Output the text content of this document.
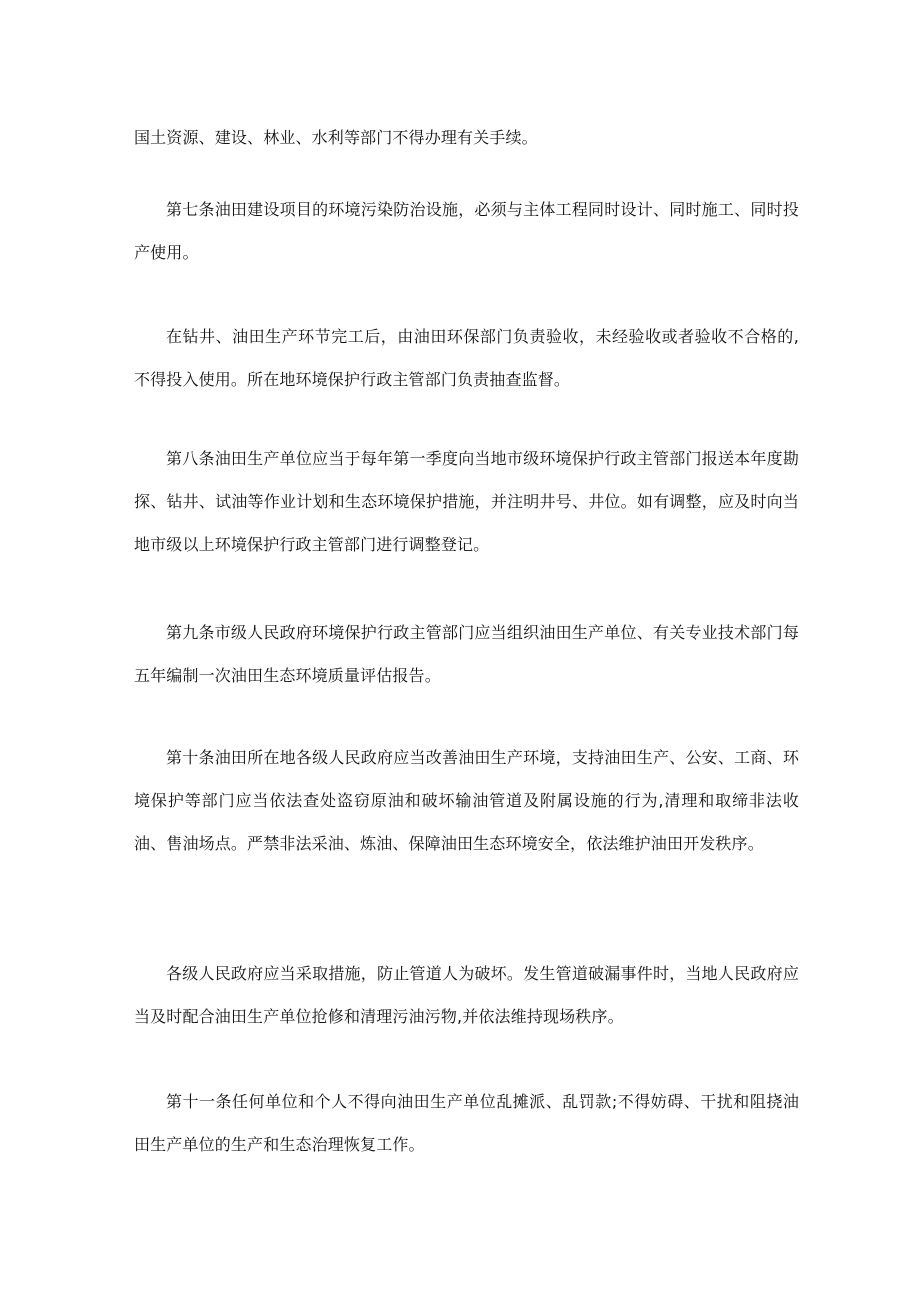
国土资源、建设、林业、水利等部门不得办理有关手续。

第七条油田建设项目的环境污染防治设施，必须与主体工程同时设计、同时施工、同时投产使用。

在钻井、油田生产环节完工后，由油田环保部门负责验收，未经验收或者验收不合格的,不得投入使用。所在地环境保护行政主管部门负责抽查监督。

第八条油田生产单位应当于每年第一季度向当地市级环境保护行政主管部门报送本年度勘探、钻井、试油等作业计划和生态环境保护措施，并注明井号、井位。如有调整，应及时向当地市级以上环境保护行政主管部门进行调整登记。

第九条市级人民政府环境保护行政主管部门应当组织油田生产单位、有关专业技术部门每五年编制一次油田生态环境质量评估报告。

第十条油田所在地各级人民政府应当改善油田生产环境，支持油田生产、公安、工商、环境保护等部门应当依法查处盗窃原油和破坏输油管道及附属设施的行为,清理和取缔非法收油、售油场点。严禁非法采油、炼油、保障油田生态环境安全，依法维护油田开发秩序。

各级人民政府应当采取措施，防止管道人为破坏。发生管道破漏事件时，当地人民政府应当及时配合油田生产单位抢修和清理污油污物,并依法维持现场秩序。

第十一条任何单位和个人不得向油田生产单位乱摊派、乱罚款;不得妨碍、干扰和阻挠油田生产单位的生产和生态治理恢复工作。
